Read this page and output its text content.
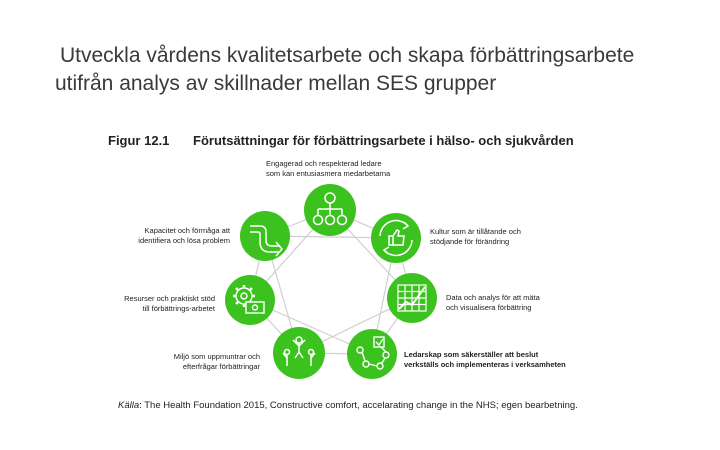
Utveckla vårdens kvalitetsarbete och skapa förbättringsarbete
utifrån analys av skillnader mellan SES grupper
Figur 12.1 Förutsättningar för förbättringsarbete i hälso- och sjukvården
Engagerad och respekterad ledare
som kan entusiasmera medarbetarna
Kultur som är tillåtande och
stödjande för förändring
Data och analys för att mäta
och visualisera förbättring
Ledarskap som säkerställer att beslut
verkställs och implementeras i verksamheten
Miljö som uppmuntrar och
efterfrågar förbättringar
Resurser och praktiskt stöd
till förbättrings-arbetet
Kapacitet och förmåga att
identifiera och lösa problem
Källa: The Health Foundation 2015, Constructive comfort, accelarating change in the NHS; egen bearbetning.
